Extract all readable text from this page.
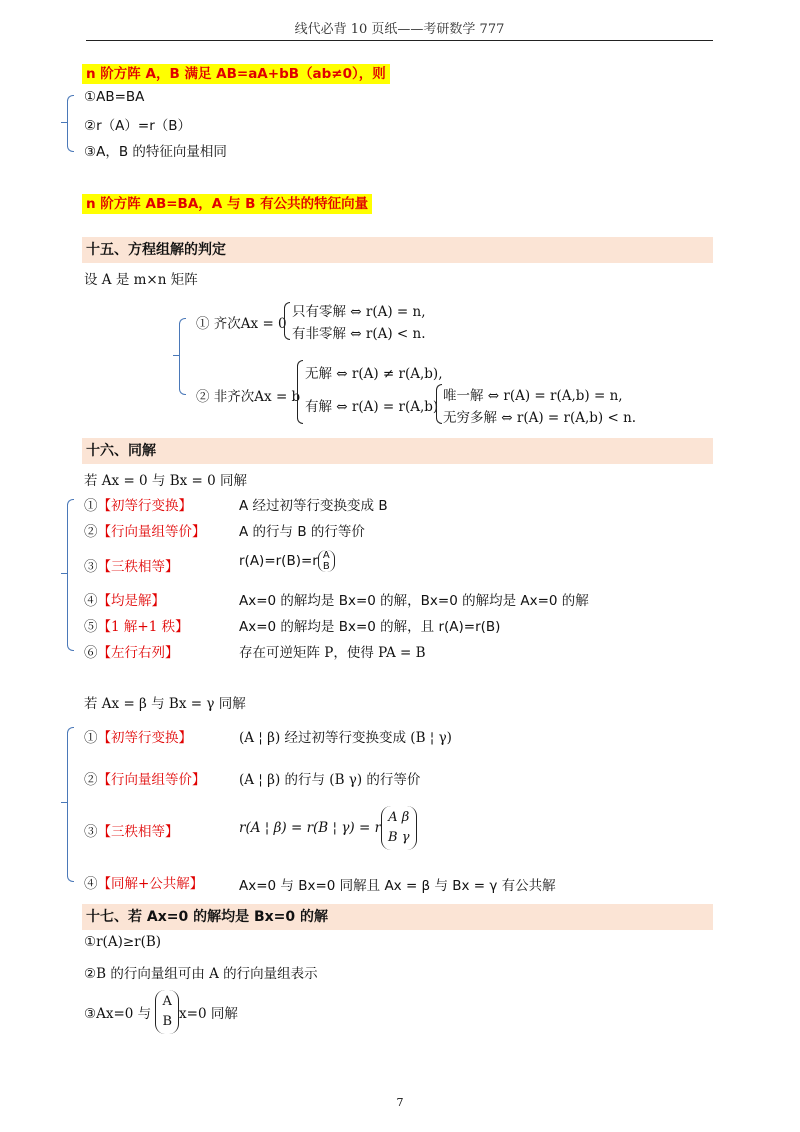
线代必背 10 页纸——考研数学 777
n 阶方阵 A，B 满足 AB=aA+bB（ab≠0），则
①AB=BA
②r（A）=r（B）
③A，B 的特征向量相同
n 阶方阵 AB=BA，A 与 B 有公共的特征向量
十五、方程组解的判定
设 A 是 m×n 矩阵
① 齐次Ax = 0
只有零解 ⇔ r(A) = n,
有非零解 ⇔ r(A) < n.
② 非齐次Ax = b
无解 ⇔ r(A) ≠ r(A,b),
有解 ⇔ r(A) = r(A,b)
唯一解 ⇔ r(A) = r(A,b) = n,
无穷多解 ⇔ r(A) = r(A,b) < n.
十六、同解
若 Ax = 0 与 Bx = 0 同解
①【初等行变换】	A 经过初等行变换变成 B
②【行向量组等价】 A 的行与 B 的行等价
③【三秩相等】	r(A)=r(B)=r A
B
④【均是解】	Ax=0 的解均是 Bx=0 的解，Bx=0 的解均是 Ax=0 的解
⑤【1 解+1 秩】	Ax=0 的解均是 Bx=0 的解，且 r(A)=r(B)
⑥【左行右列】	存在可逆矩阵 P，使得 PA = B
若 Ax = β 与 Bx = γ 同解
①【初等行变换】	(A ¦ β) 经过初等行变换变成 (B ¦ γ)
②【行向量组等价】 (A ¦ β) 的行与 (B γ) 的行等价
③【三秩相等】	r(A ¦ β) = r(B ¦ γ) = rA β
B γ
④【同解+公共解】	Ax=0 与 Bx=0 同解且 Ax = β 与 Bx = γ 有公共解
十七、若 Ax=0 的解均是 Bx=0 的解
①r(A)≥r(B)
②B 的行向量组可由 A 的行向量组表示
③Ax=0 与 A
B x=0 同解
7
